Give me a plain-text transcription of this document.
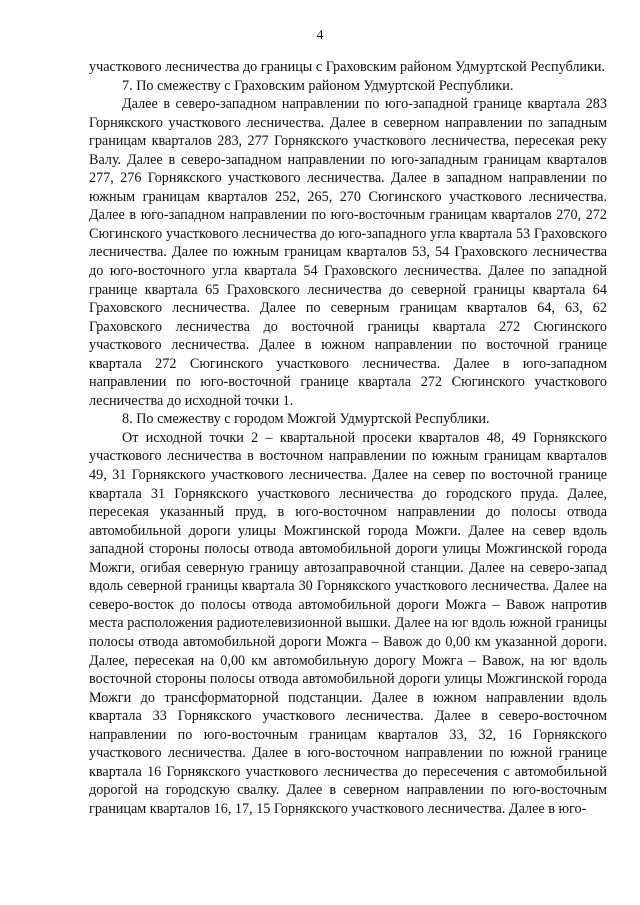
4

участкового лесничества до границы с Граховским районом Удмуртской Республики.

7. По смежеству с Граховским районом Удмуртской Республики.

Далее в северо-западном направлении по юго-западной границе квартала 283 Горнякского участкового лесничества. Далее в северном направлении по западным границам кварталов 283, 277 Горнякского участкового лесничества, пересекая реку Валу. Далее в северо-западном направлении по юго-западным границам кварталов 277, 276 Горнякского участкового лесничества. Далее в западном направлении по южным границам кварталов 252, 265, 270 Сюгинского участкового лесничества. Далее в юго-западном направлении по юго-восточным границам кварталов 270, 272 Сюгинского участкового лесничества до юго-западного угла квартала 53 Граховского лесничества. Далее по южным границам кварталов 53, 54 Граховского лесничества до юго-восточного угла квартала 54 Граховского лесничества. Далее по западной границе квартала 65 Граховского лесничества до северной границы квартала 64 Граховского лесничества. Далее по северным границам кварталов 64, 63, 62 Граховского лесничества до восточной границы квартала 272 Сюгинского участкового лесничества. Далее в южном направлении по восточной границе квартала 272 Сюгинского участкового лесничества. Далее в юго-западном направлении по юго-восточной границе квартала 272 Сюгинского участкового лесничества до исходной точки 1.

8. По смежеству с городом Можгой Удмуртской Республики.

От исходной точки 2 – квартальной просеки кварталов 48, 49 Горнякского участкового лесничества в восточном направлении по южным границам кварталов 49, 31 Горнякского участкового лесничества. Далее на север по восточной границе квартала 31 Горнякского участкового лесничества до городского пруда. Далее, пересекая указанный пруд, в юго-восточном направлении до полосы отвода автомобильной дороги улицы Можгинской города Можги. Далее на север вдоль западной стороны полосы отвода автомобильной дороги улицы Можгинской города Можги, огибая северную границу автозаправочной станции. Далее на северо-запад вдоль северной границы квартала 30 Горнякского участкового лесничества. Далее на северо-восток до полосы отвода автомобильной дороги Можга – Вавож напротив места расположения радиотелевизионной вышки. Далее на юг вдоль южной границы полосы отвода автомобильной дороги Можга – Вавож до 0,00 км указанной дороги. Далее, пересекая на 0,00 км автомобильную дорогу Можга – Вавож, на юг вдоль восточной стороны полосы отвода автомобильной дороги улицы Можгинской города Можги до трансформаторной подстанции. Далее в южном направлении вдоль квартала 33 Горнякского участкового лесничества. Далее в северо-восточном направлении по юго-восточным границам кварталов 33, 32, 16 Горнякского участкового лесничества. Далее в юго-восточном направлении по южной границе квартала 16 Горнякского участкового лесничества до пересечения с автомобильной дорогой на городскую свалку. Далее в северном направлении по юго-восточным границам кварталов 16, 17, 15 Горнякского участкового лесничества. Далее в юго-
